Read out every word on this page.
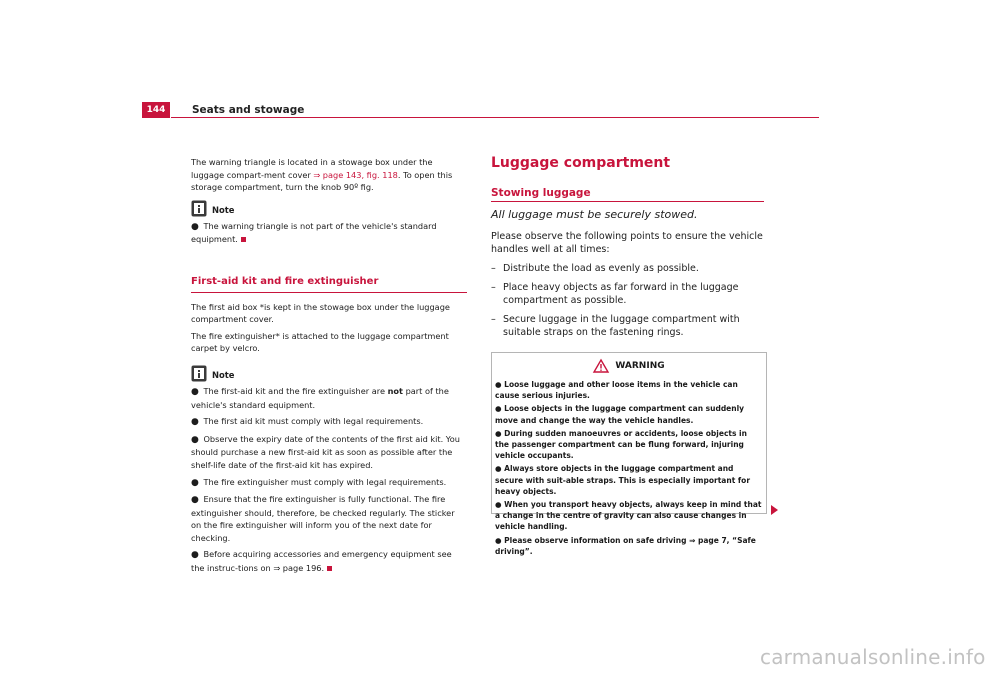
144	Seats and stowage

The warning triangle is located in a stowage box under the luggage compart-ment cover ⇒ page 143, fig. 118. To open this storage compartment, turn the knob 90º fig.

Note

● The warning triangle is not part of the vehicle's standard equipment.

First-aid kit and fire extinguisher

The first aid box *is kept in the stowage box under the luggage compartment cover.

The fire extinguisher* is attached to the luggage compartment carpet by velcro.

Note

● The first-aid kit and the fire extinguisher are not part of the vehicle's standard equipment.

● The first aid kit must comply with legal requirements.

● Observe the expiry date of the contents of the first aid kit. You should purchase a new first-aid kit as soon as possible after the shelf-life date of the first-aid kit has expired.

● The fire extinguisher must comply with legal requirements.

● Ensure that the fire extinguisher is fully functional. The fire extinguisher should, therefore, be checked regularly. The sticker on the fire extinguisher will inform you of the next date for checking.

● Before acquiring accessories and emergency equipment see the instruc-tions on ⇒ page 196.

Luggage compartment
Stowing luggage
All luggage must be securely stowed.

Please observe the following points to ensure the vehicle handles well at all times:

– Distribute the load as evenly as possible.
– Place heavy objects as far forward in the luggage compartment as possible.
– Secure luggage in the luggage compartment with suitable straps on the fastening rings.
WARNING

● Loose luggage and other loose items in the vehicle can cause serious injuries.

● Loose objects in the luggage compartment can suddenly move and change the way the vehicle handles.

● During sudden manoeuvres or accidents, loose objects in the passenger compartment can be flung forward, injuring vehicle occupants.

● Always store objects in the luggage compartment and secure with suit-able straps. This is especially important for heavy objects.

● When you transport heavy objects, always keep in mind that a change in the centre of gravity can also cause changes in vehicle handling.

● Please observe information on safe driving ⇒ page 7, “Safe driving”.

carmanualsonline.info
